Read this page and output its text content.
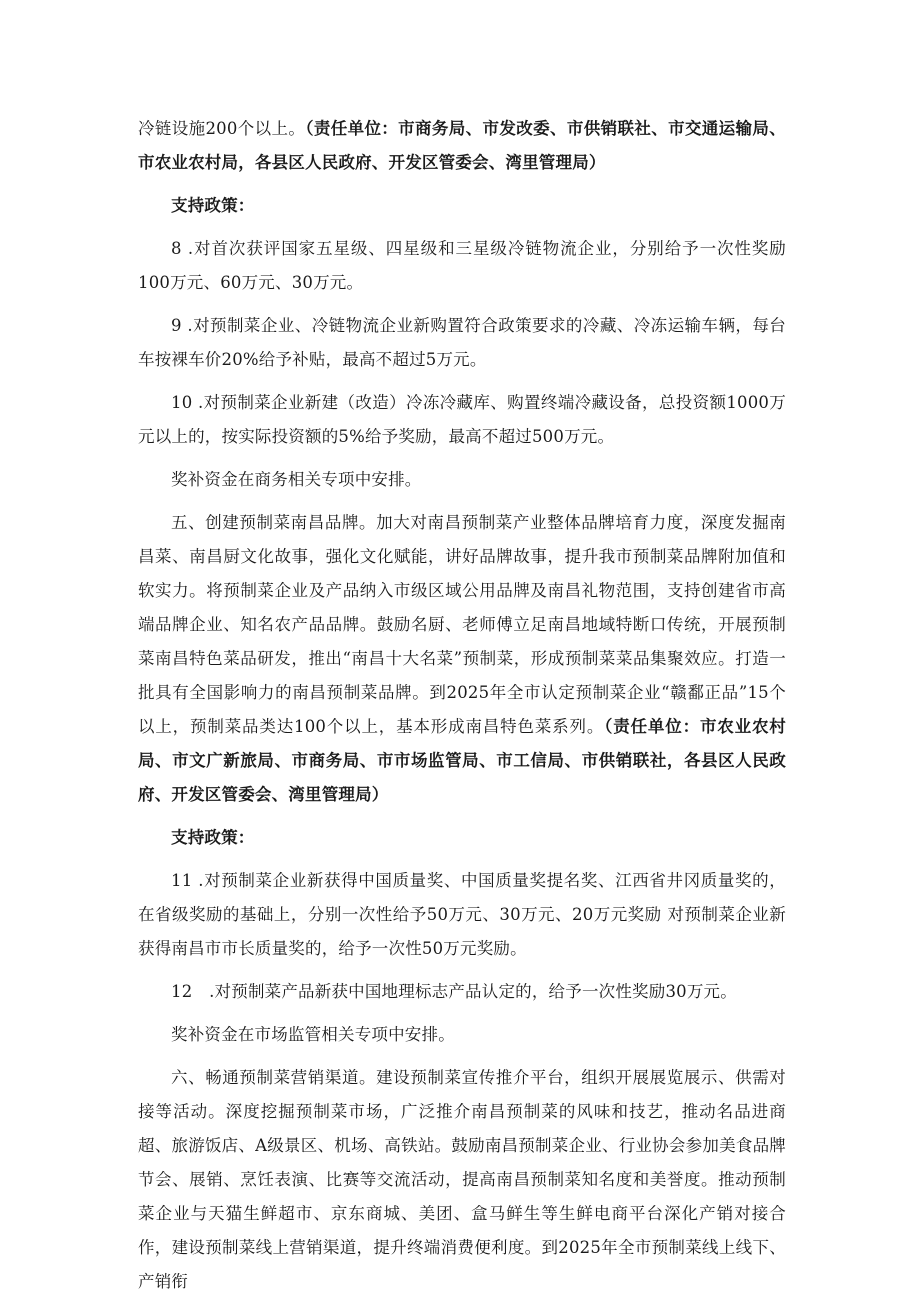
冷链设施200个以上。（责任单位：市商务局、市发改委、市供销联社、市交通运输局、市农业农村局，各县区人民政府、开发区管委会、湾里管理局）

支持政策：

8 .对首次获评国家五星级、四星级和三星级冷链物流企业，分别给予一次性奖励100万元、60万元、30万元。

9 .对预制菜企业、冷链物流企业新购置符合政策要求的冷藏、冷冻运输车辆，每台车按裸车价20%给予补贴，最高不超过5万元。

10 .对预制菜企业新建（改造）冷冻冷藏库、购置终端冷藏设备，总投资额1000万元以上的，按实际投资额的5%给予奖励，最高不超过500万元。

奖补资金在商务相关专项中安排。

五、创建预制菜南昌品牌。加大对南昌预制菜产业整体品牌培育力度，深度发掘南昌菜、南昌厨文化故事，强化文化赋能，讲好品牌故事，提升我市预制菜品牌附加值和软实力。将预制菜企业及产品纳入市级区域公用品牌及南昌礼物范围，支持创建省市高端品牌企业、知名农产品品牌。鼓励名厨、老师傅立足南昌地域特断口传统，开展预制菜南昌特色菜品研发，推出“南昌十大名菜”预制菜，形成预制菜菜品集聚效应。打造一批具有全国影响力的南昌预制菜品牌。到2025年全市认定预制菜企业“赣鄱正品”15个以上，预制菜品类达100个以上，基本形成南昌特色菜系列。（责任单位：市农业农村局、市文广新旅局、市商务局、市市场监管局、市工信局、市供销联社，各县区人民政府、开发区管委会、湾里管理局）

支持政策：

11 .对预制菜企业新获得中国质量奖、中国质量奖提名奖、江西省井冈质量奖的，在省级奖励的基础上，分别一次性给予50万元、30万元、20万元奖励 对预制菜企业新获得南昌市市长质量奖的，给予一次性50万元奖励。

12　.对预制菜产品新获中国地理标志产品认定的，给予一次性奖励30万元。

奖补资金在市场监管相关专项中安排。

六、畅通预制菜营销渠道。建设预制菜宣传推介平台，组织开展展览展示、供需对接等活动。深度挖掘预制菜市场，广泛推介南昌预制菜的风味和技艺，推动名品进商超、旅游饭店、A级景区、机场、高铁站。鼓励南昌预制菜企业、行业协会参加美食品牌节会、展销、烹饪表演、比赛等交流活动，提高南昌预制菜知名度和美誉度。推动预制菜企业与天猫生鲜超市、京东商城、美团、盒马鲜生等生鲜电商平台深化产销对接合作，建设预制菜线上营销渠道，提升终端消费便利度。到2025年全市预制菜线上线下、产销衔
